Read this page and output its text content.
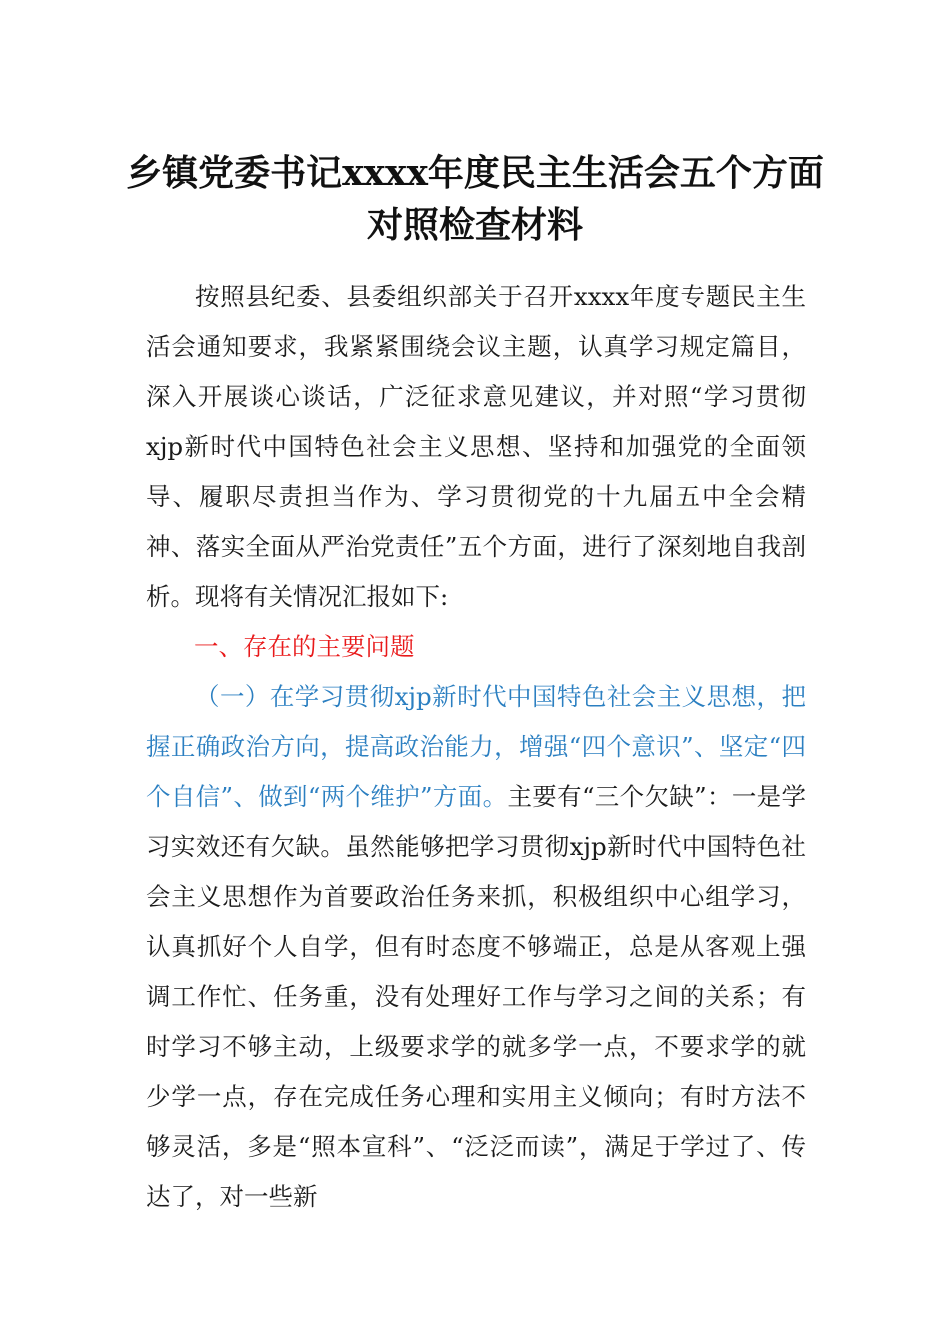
乡镇党委书记xxxx年度民主生活会五个方面对照检查材料

按照县纪委、县委组织部关于召开xxxx年度专题民主生活会通知要求，我紧紧围绕会议主题，认真学习规定篇目，深入开展谈心谈话，广泛征求意见建议，并对照“学习贯彻xjp新时代中国特色社会主义思想、坚持和加强党的全面领导、履职尽责担当作为、学习贯彻党的十九届五中全会精神、落实全面从严治党责任”五个方面，进行了深刻地自我剖析。现将有关情况汇报如下:

一、存在的主要问题

（一）在学习贯彻xjp新时代中国特色社会主义思想，把握正确政治方向，提高政治能力，增强“四个意识”、坚定“四个自信”、做到“两个维护”方面。主要有“三个欠缺”：一是学习实效还有欠缺。虽然能够把学习贯彻xjp新时代中国特色社会主义思想作为首要政治任务来抓，积极组织中心组学习，认真抓好个人自学，但有时态度不够端正，总是从客观上强调工作忙、任务重，没有处理好工作与学习之间的关系；有时学习不够主动，上级要求学的就多学一点，不要求学的就少学一点，存在完成任务心理和实用主义倾向；有时方法不够灵活，多是“照本宣科”、“泛泛而读”，满足于学过了、传达了，对一些新
